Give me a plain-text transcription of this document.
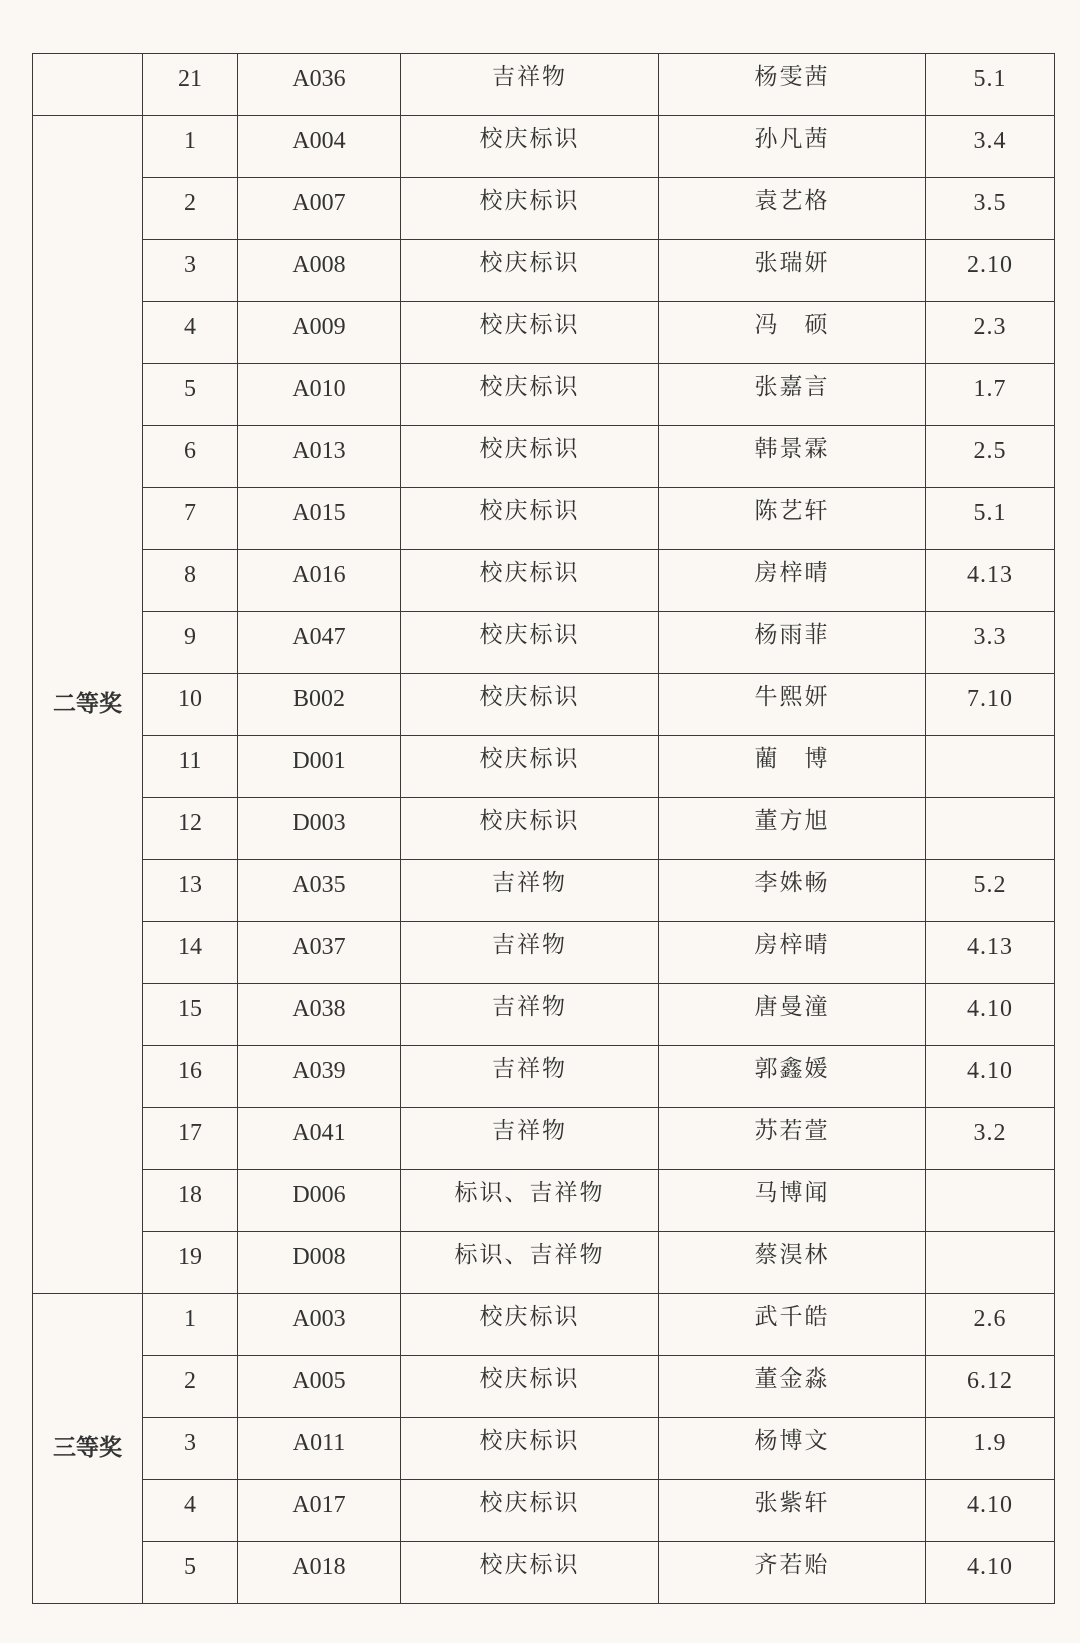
	21	A036	吉祥物	杨雯茜	5.1

二等奖	1	A004	校庆标识	孙凡茜	3.4

	2	A007	校庆标识	袁艺格	3.5

	3	A008	校庆标识	张瑞妍	2.10

	4	A009	校庆标识	冯　硕	2.3

	5	A010	校庆标识	张嘉言	1.7

	6	A013	校庆标识	韩景霖	2.5

	7	A015	校庆标识	陈艺轩	5.1

	8	A016	校庆标识	房梓晴	4.13

	9	A047	校庆标识	杨雨菲	3.3

	10	B002	校庆标识	牛熙妍	7.10

	11	D001	校庆标识	藺　博	

	12	D003	校庆标识	董方旭	

	13	A035	吉祥物	李姝畅	5.2

	14	A037	吉祥物	房梓晴	4.13

	15	A038	吉祥物	唐曼潼	4.10

	16	A039	吉祥物	郭鑫媛	4.10

	17	A041	吉祥物	苏若萱	3.2

	18	D006	标识、吉祥物	马博闻	

	19	D008	标识、吉祥物	蔡淏林	

三等奖	1	A003	校庆标识	武千皓	2.6

	2	A005	校庆标识	董金淼	6.12

	3	A011	校庆标识	杨博文	1.9

	4	A017	校庆标识	张紫轩	4.10

	5	A018	校庆标识	齐若贻	4.10
